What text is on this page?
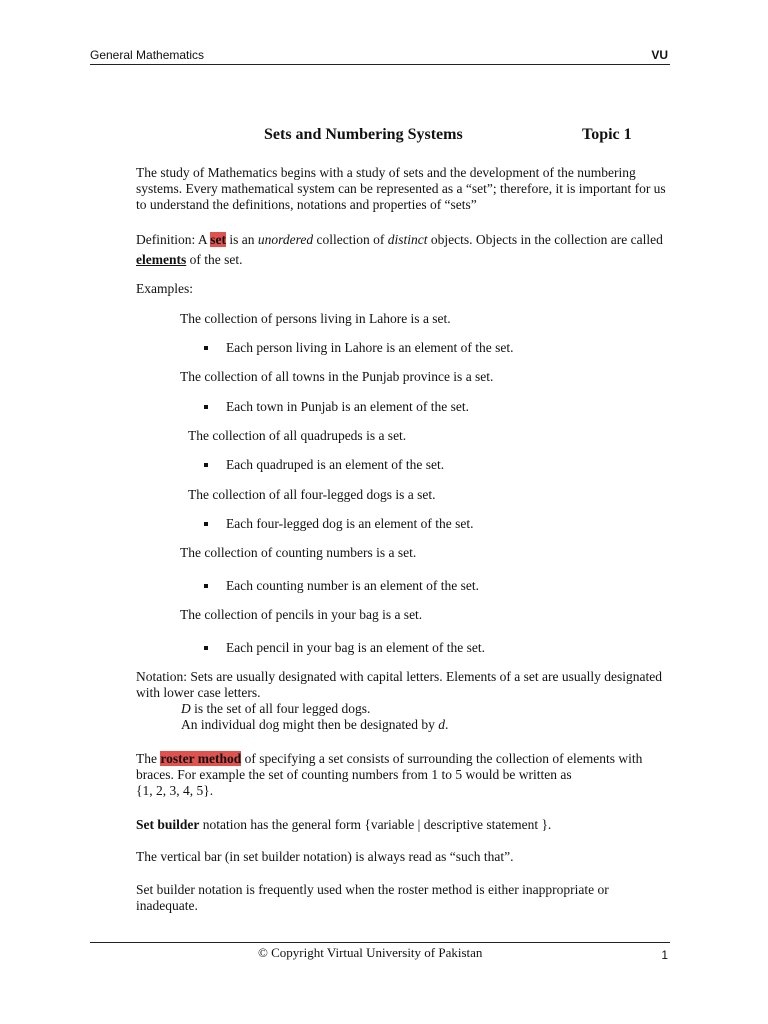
General Mathematics	VU
Sets and Numbering Systems	Topic 1
The study of Mathematics begins with a study of sets and the development of the numbering
systems. Every mathematical system can be represented as a “set”; therefore, it is important for us
to understand the definitions, notations and properties of “sets”
Definition: A set is an unordered collection of distinct objects. Objects in the collection are called
elements of the set.
Examples:
The collection of persons living in Lahore is a set.
Each person living in Lahore is an element of the set.
The collection of all towns in the Punjab province is a set.
Each town in Punjab is an element of the set.
The collection of all quadrupeds is a set.
Each quadruped is an element of the set.
The collection of all four-legged dogs is a set.
Each four-legged dog is an element of the set.
The collection of counting numbers is a set.
Each counting number is an element of the set.
The collection of pencils in your bag is a set.
Each pencil in your bag is an element of the set.
Notation: Sets are usually designated with capital letters. Elements of a set are usually designated
with lower case letters.
D is the set of all four legged dogs.
An individual dog might then be designated by d.
The roster method of specifying a set consists of surrounding the collection of elements with
braces. For example the set of counting numbers from 1 to 5 would be written as
{1, 2, 3, 4, 5}.
Set builder notation has the general form {variable | descriptive statement }.
The vertical bar (in set builder notation) is always read as “such that”.
Set builder notation is frequently used when the roster method is either inappropriate or
inadequate.
© Copyright Virtual University of Pakistan	1
